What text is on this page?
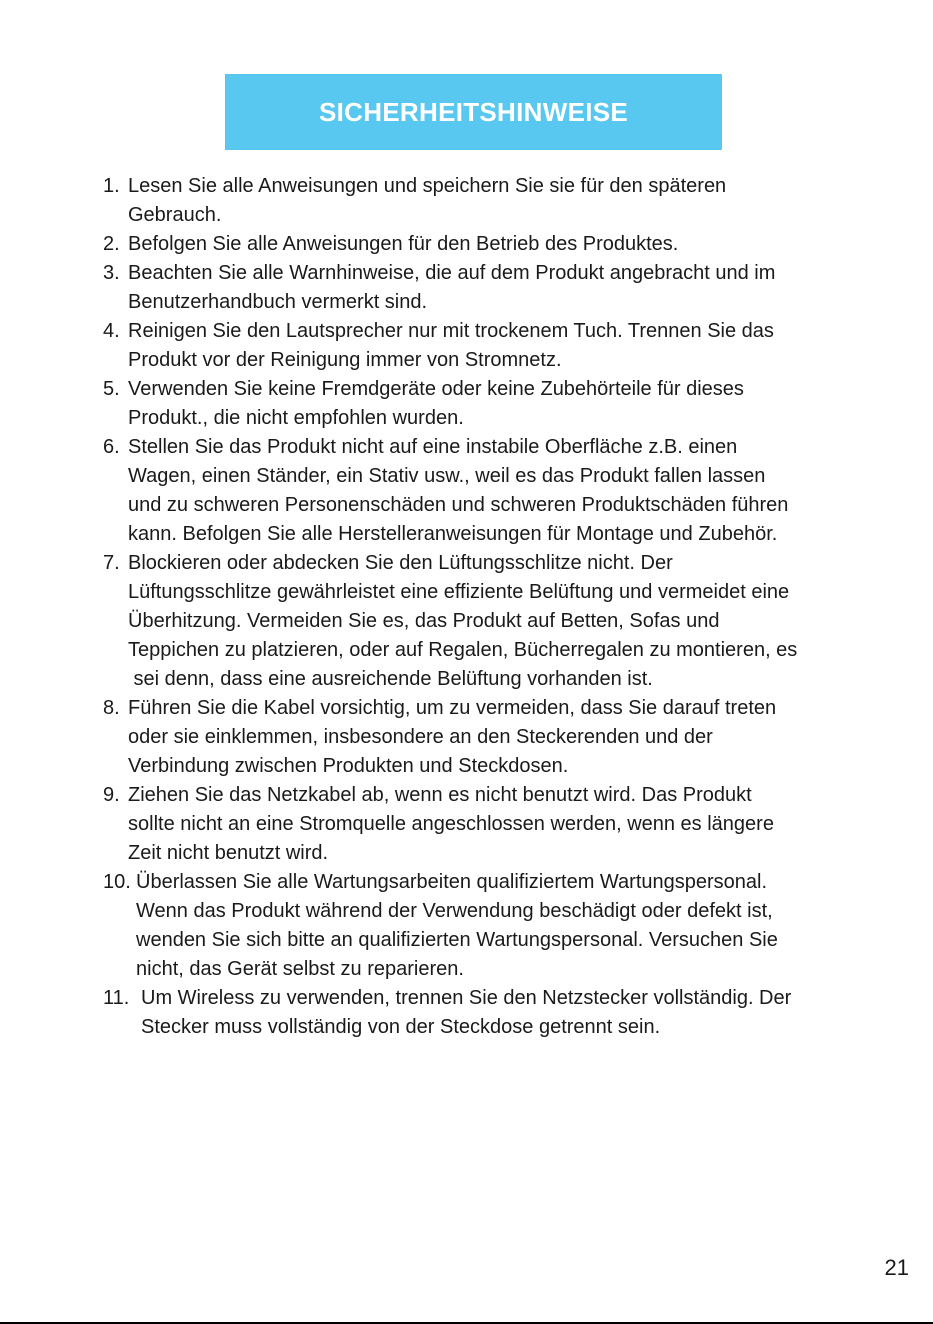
SICHERHEITSHINWEISE
1. Lesen Sie alle Anweisungen und speichern Sie sie für den späteren
Gebrauch.
2. Befolgen Sie alle Anweisungen für den Betrieb des Produktes.
3. Beachten Sie alle Warnhinweise, die auf dem Produkt angebracht und im
Benutzerhandbuch vermerkt sind.
4. Reinigen Sie den Lautsprecher nur mit trockenem Tuch. Trennen Sie das
Produkt vor der Reinigung immer von Stromnetz.
5. Verwenden Sie keine Fremdgeräte oder keine Zubehörteile für dieses
Produkt., die nicht empfohlen wurden.
6. Stellen Sie das Produkt nicht auf eine instabile Oberfläche z.B. einen
Wagen, einen Ständer, ein Stativ usw., weil es das Produkt fallen lassen
und zu schweren Personenschäden und schweren Produktschäden führen
kann. Befolgen Sie alle Herstelleranweisungen für Montage und Zubehör.
7. Blockieren oder abdecken Sie den Lüftungsschlitze nicht. Der
Lüftungsschlitze gewährleistet eine effiziente Belüftung und vermeidet eine
Überhitzung. Vermeiden Sie es, das Produkt auf Betten, Sofas und
Teppichen zu platzieren, oder auf Regalen, Bücherregalen zu montieren, es
sei denn, dass eine ausreichende Belüftung vorhanden ist.
8. Führen Sie die Kabel vorsichtig, um zu vermeiden, dass Sie darauf treten
oder sie einklemmen, insbesondere an den Steckerenden und der
Verbindung zwischen Produkten und Steckdosen.
9. Ziehen Sie das Netzkabel ab, wenn es nicht benutzt wird. Das Produkt
sollte nicht an eine Stromquelle angeschlossen werden, wenn es längere
Zeit nicht benutzt wird.
10. Überlassen Sie alle Wartungsarbeiten qualifiziertem Wartungspersonal.
Wenn das Produkt während der Verwendung beschädigt oder defekt ist,
wenden Sie sich bitte an qualifizierten Wartungspersonal. Versuchen Sie
nicht, das Gerät selbst zu reparieren.
11. Um Wireless zu verwenden, trennen Sie den Netzstecker vollständig. Der
Stecker muss vollständig von der Steckdose getrennt sein.
21
